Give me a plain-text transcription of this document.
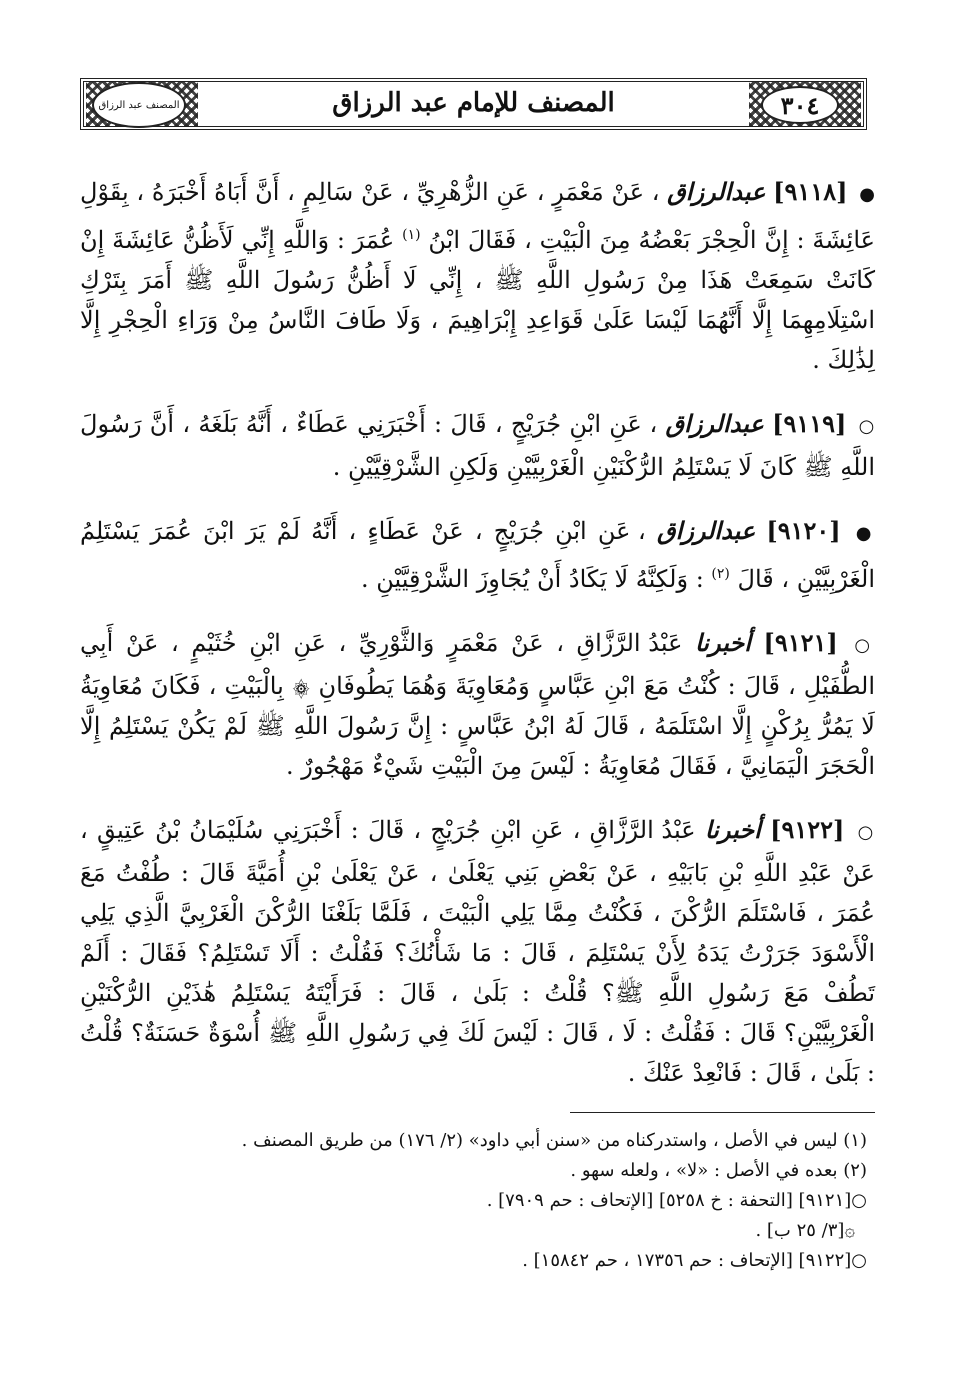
٣٠٤
المصنف للإمام عبد الرزاق
المصنف عبد الرزاق

● [٩١١٨] عبدالرزاق ، عَنْ مَعْمَرٍ ، عَنِ الزُّهْرِيِّ ، عَنْ سَالِمٍ ، أَنَّ أَبَاهُ أَخْبَرَهُ ، بِقَوْلِ عَائِشَةَ : إِنَّ الْحِجْرَ بَعْضُهُ مِنَ الْبَيْتِ ، فَقَالَ ابْنُ $^{(١)}$ عُمَرَ : وَاللَّهِ إِنِّي لَأَظُنُّ عَائِشَةَ إِنْ كَانَتْ سَمِعَتْ هَذَا مِنْ رَسُولِ اللَّهِ ﷺ ، إِنِّي لَا أَظُنُّ رَسُولَ اللَّهِ ﷺ أَمَرَ بِتَرْكِ اسْتِلَامِهِمَا إِلَّا أَنَّهُمَا لَيْسَا عَلَىٰ قَوَاعِدِ إِبْرَاهِيمَ ، وَلَا طَافَ النَّاسُ مِنْ وَرَاءِ الْحِجْرِ إِلَّا لِذَٰلِكَ .

○ [٩١١٩] عبدالرزاق ، عَنِ ابْنِ جُرَيْجٍ ، قَالَ : أَخْبَرَنِي عَطَاءٌ ، أَنَّهُ بَلَغَهُ ، أَنَّ رَسُولَ اللَّهِ ﷺ كَانَ لَا يَسْتَلِمُ الرُّكْنَيْنِ الْغَرْبِيَّيْنِ وَلَكِنِ الشَّرْقِيَّيْنِ .

● [٩١٢٠] عبدالرزاق ، عَنِ ابْنِ جُرَيْجٍ ، عَنْ عَطَاءٍ ، أَنَّهُ لَمْ يَرَ ابْنَ عُمَرَ يَسْتَلِمُ الْغَرْبِيَّيْنِ ، قَالَ $^{(٢)}$ : وَلَكِنَّهُ لَا يَكَادُ أَنْ يُجَاوِزَ الشَّرْقِيَّيْنِ .

○ [٩١٢١] أخبرنا عَبْدُ الرَّزَّاقِ ، عَنْ مَعْمَرٍ وَالثَّوْرِيِّ ، عَنِ ابْنِ خُثَيْمٍ ، عَنْ أَبِي الطُّفَيْلِ ، قَالَ : كُنْتُ مَعَ ابْنِ عَبَّاسٍ وَمُعَاوِيَةَ وَهُمَا يَطُوفَانِ ۞ بِالْبَيْتِ ، فَكَانَ مُعَاوِيَةُ لَا يَمُرُّ بِرُكْنٍ إِلَّا اسْتَلَمَهُ ، قَالَ لَهُ ابْنُ عَبَّاسٍ : إِنَّ رَسُولَ اللَّهِ ﷺ لَمْ يَكُنْ يَسْتَلِمُ إِلَّا الْحَجَرَ الْيَمَانِيَّ ، فَقَالَ مُعَاوِيَةُ : لَيْسَ مِنَ الْبَيْتِ شَيْءٌ مَهْجُورٌ .

○ [٩١٢٢] أخبرنا عَبْدُ الرَّزَّاقِ ، عَنِ ابْنِ جُرَيْجٍ ، قَالَ : أَخْبَرَنِي سُلَيْمَانُ بْنُ عَتِيقٍ ، عَنْ عَبْدِ اللَّهِ بْنِ بَابَيْهِ ، عَنْ بَعْضِ بَنِي يَعْلَىٰ ، عَنْ يَعْلَىٰ بْنِ أُمَيَّةَ قَالَ : طُفْتُ مَعَ عُمَرَ ، فَاسْتَلَمَ الرُّكْنَ ، فَكُنْتُ مِمَّا يَلِي الْبَيْتَ ، فَلَمَّا بَلَغْنَا الرُّكْنَ الْغَرْبِيَّ الَّذِي يَلِي الْأَسْوَدَ جَرَرْتُ يَدَهُ لِأَنْ يَسْتَلِمَ ، قَالَ : مَا شَأْنُكَ؟ فَقُلْتُ : أَلَا تَسْتَلِمُ؟ فَقَالَ : أَلَمْ تَطُفْ مَعَ رَسُولِ اللَّهِ ﷺ؟ قُلْتُ : بَلَىٰ ، قَالَ : فَرَأَيْتَهُ يَسْتَلِمُ هَٰذَيْنِ الرُّكْنَيْنِ الْغَرْبِيَّيْنِ؟ قَالَ : فَقُلْتُ : لَا ، قَالَ : لَيْسَ لَكَ فِي رَسُولِ اللَّهِ ﷺ أُسْوَةٌ حَسَنَةٌ؟ قُلْتُ : بَلَىٰ ، قَالَ : فَانْعِدْ عَنْكَ .

(١) ليس في الأصل ، واستدركناه من «سنن أبي داود» (٢/ ١٧٦) من طريق المصنف .
(٢) بعده في الأصل : «لا» ، ولعله سهو .
○[٩١٢١] [التحفة : خ ٥٢٥٨] [الإتحاف : حم ٧٩٠٩] .
۞[٣/ ٢٥ ب] .
○[٩١٢٢] [الإتحاف : حم ١٧٣٥٦ ، حم ١٥٨٤٢] .
